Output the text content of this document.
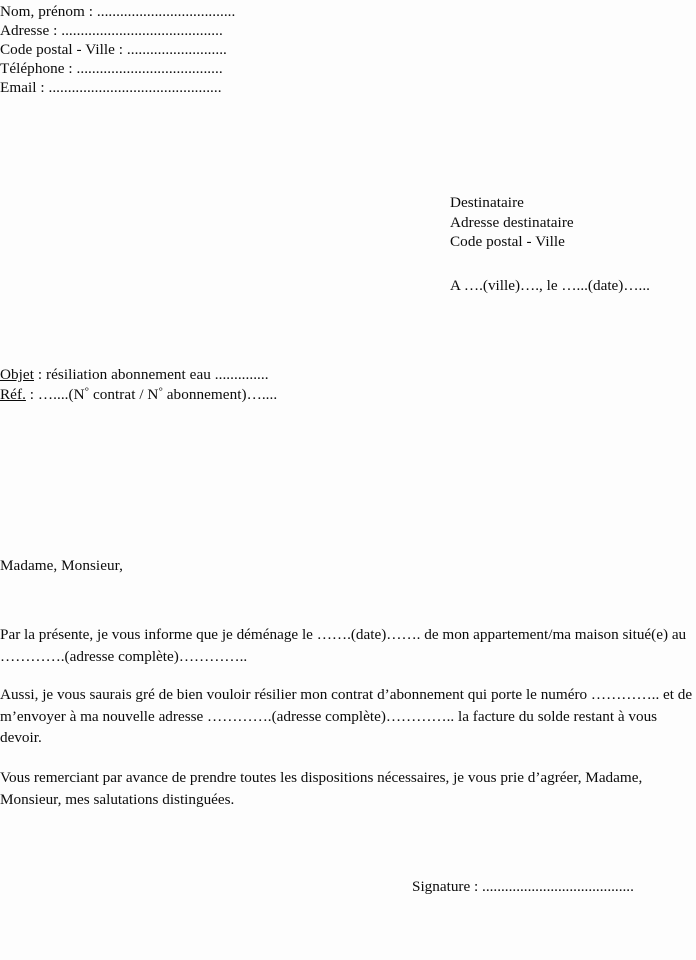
Nom, prénom : ....................................
Adresse : ..........................................
Code postal - Ville : ..........................
Téléphone : ......................................
Email : .............................................
Destinataire
Adresse destinataire
Code postal - Ville
A ….(ville)…., le …...(date)…...
Objet : résiliation abonnement eau ..............
Réf. : …....(N° contrat / N° abonnement)…....
Madame, Monsieur,
Par la présente, je vous informe que je déménage le …….(date)……. de mon appartement/ma maison situé(e) au ………….(adresse complète)…………..
Aussi, je vous saurais gré de bien vouloir résilier mon contrat d’abonnement qui porte le numéro ………….. et de m’envoyer à ma nouvelle adresse ………….(adresse complète)………….. la facture du solde restant à vous devoir.
Vous remerciant par avance de prendre toutes les dispositions nécessaires, je vous prie d’agréer, Madame, Monsieur, mes salutations distinguées.
Signature : ........................................
